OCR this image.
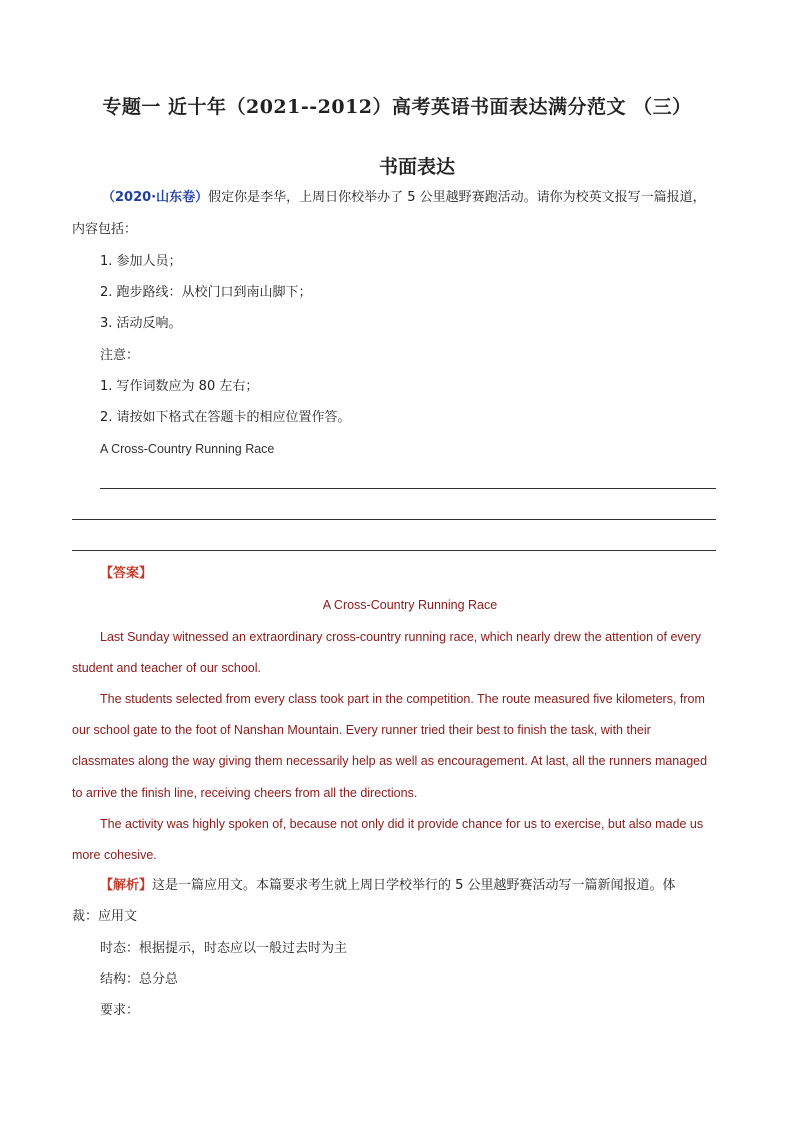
专题一 近十年（2021--2012）高考英语书面表达满分范文 （三）
书面表达
（2020·山东卷）假定你是李华，上周日你校举办了 5 公里越野赛跑活动。请你为校英文报写一篇报道，
内容包括：
1. 参加人员；
2. 跑步路线：从校门口到南山脚下；
3. 活动反响。
注意：
1. 写作词数应为 80 左右；
2. 请按如下格式在答题卡的相应位置作答。
A Cross-Country Running Race
【答案】
A Cross-Country Running Race
Last Sunday witnessed an extraordinary cross-country running race, which nearly drew the attention of every
student and teacher of our school.
The students selected from every class took part in the competition. The route measured five kilometers, from
our school gate to the foot of Nanshan Mountain. Every runner tried their best to finish the task, with their
classmates along the way giving them necessarily help as well as encouragement. At last, all the runners managed
to arrive the finish line, receiving cheers from all the directions.
The activity was highly spoken of, because not only did it provide chance for us to exercise, but also made us
more cohesive.
【解析】这是一篇应用文。本篇要求考生就上周日学校举行的 5 公里越野赛活动写一篇新闻报道。体
裁：应用文
时态：根据提示，时态应以一般过去时为主
结构：总分总
要求：
